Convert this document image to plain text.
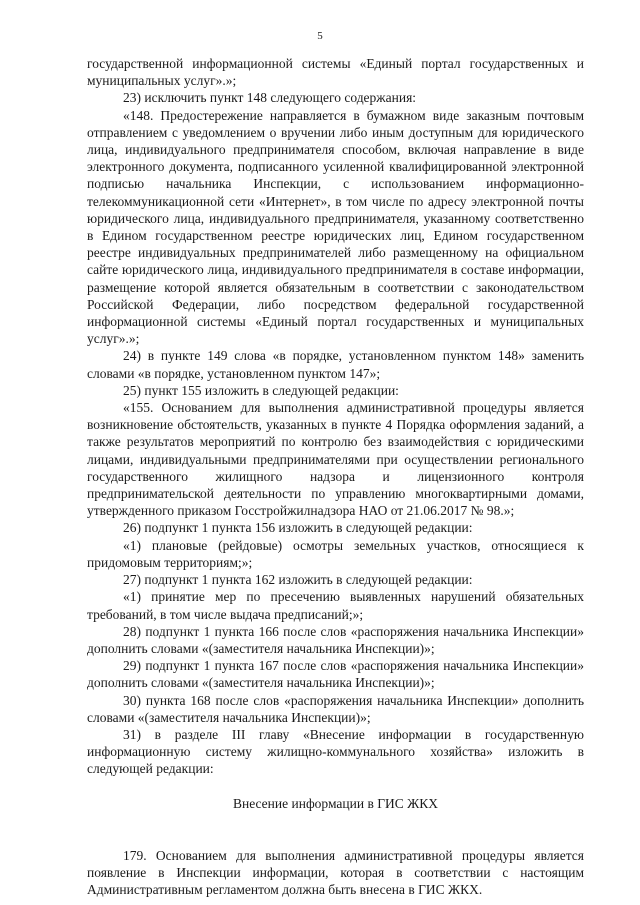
5

государственной информационной системы «Единый портал государственных и муниципальных услуг».»;

23) исключить пункт 148 следующего содержания:

«148. Предостережение направляется в бумажном виде заказным почтовым отправлением с уведомлением о вручении либо иным доступным для юридического лица, индивидуального предпринимателя способом, включая направление в виде электронного документа, подписанного усиленной квалифицированной электронной подписью начальника Инспекции, с использованием информационно-телекоммуникационной сети «Интернет», в том числе по адресу электронной почты юридического лица, индивидуального предпринимателя, указанному соответственно в Едином государственном реестре юридических лиц, Едином государственном реестре индивидуальных предпринимателей либо размещенному на официальном сайте юридического лица, индивидуального предпринимателя в составе информации, размещение которой является обязательным в соответствии с законодательством Российской Федерации, либо посредством федеральной государственной информационной системы «Единый портал государственных и муниципальных услуг».»;

24) в пункте 149 слова «в порядке, установленном пунктом 148» заменить словами «в порядке, установленном пунктом 147»;

25) пункт 155 изложить в следующей редакции:

«155. Основанием для выполнения административной процедуры является возникновение обстоятельств, указанных в пункте 4 Порядка оформления заданий, а также результатов мероприятий по контролю без взаимодействия с юридическими лицами, индивидуальными предпринимателями при осуществлении регионального государственного жилищного надзора и лицензионного контроля предпринимательской деятельности по управлению многоквартирными домами, утвержденного приказом Госстройжилнадзора НАО от 21.06.2017 № 98.»;

26) подпункт 1 пункта 156 изложить в следующей редакции:

«1) плановые (рейдовые) осмотры земельных участков, относящиеся к придомовым территориям;»;

27) подпункт 1 пункта 162 изложить в следующей редакции:

«1) принятие мер по пресечению выявленных нарушений обязательных требований, в том числе выдача предписаний;»;

28) подпункт 1 пункта 166 после слов «распоряжения начальника Инспекции» дополнить словами «(заместителя начальника Инспекции)»;

29) подпункт 1 пункта 167 после слов «распоряжения начальника Инспекции» дополнить словами «(заместителя начальника Инспекции)»;

30) пункта 168 после слов «распоряжения начальника Инспекции» дополнить словами «(заместителя начальника Инспекции)»;

31) в разделе III главу «Внесение информации в государственную информационную систему жилищно-коммунального хозяйства» изложить в следующей редакции:

Внесение информации в ГИС ЖКХ

179. Основанием для выполнения административной процедуры является появление в Инспекции информации, которая в соответствии с настоящим Административным регламентом должна быть внесена в ГИС ЖКХ.
